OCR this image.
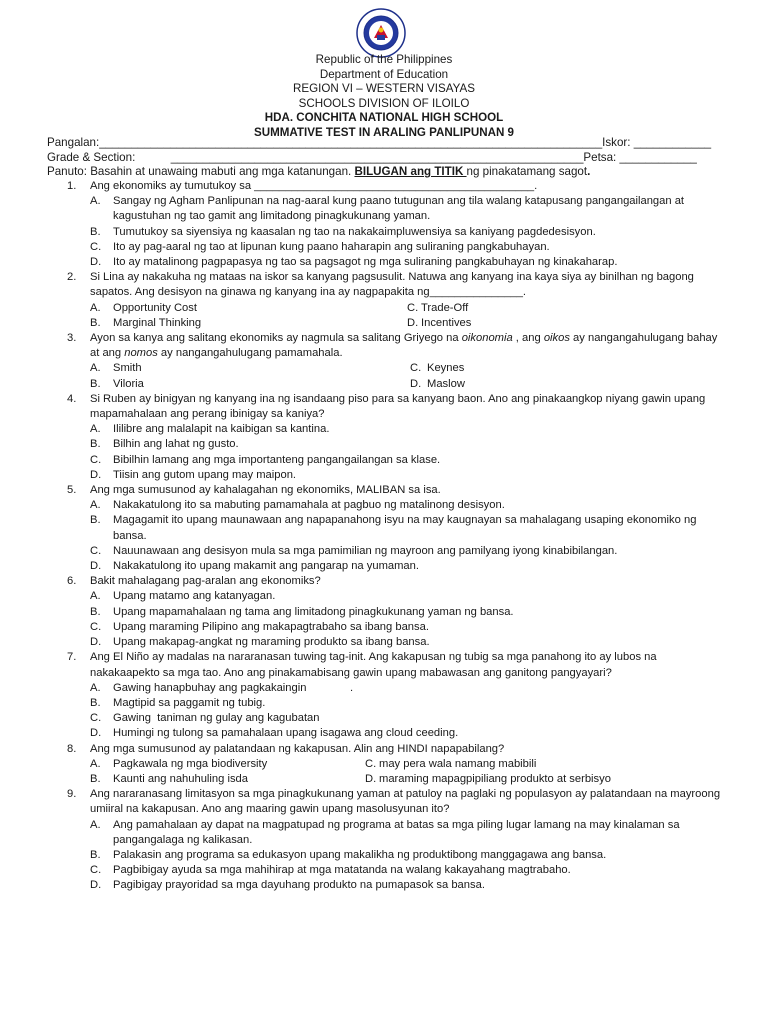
Republic of the Philippines
Department of Education
REGION VI – WESTERN VISAYAS
SCHOOLS DIVISION OF ILOILO
HDA. CONCHITA NATIONAL HIGH SCHOOL
SUMMATIVE TEST IN ARALING PANLIPUNAN 9
Pangalan:______________________________________________________________________________Iskor: ____________
Grade & Section:           ________________________________________________________________Petsa: ____________
Panuto: Basahin at unawaing mabuti ang mga katanungan. BILUGAN ang TITIK ng pinakatamang sagot.
1. Ang ekonomiks ay tumutukoy sa _____________________________________________.
A. Sangay ng Agham Panlipunan na nag-aaral kung paano tutugunan ang tila walang katapusang pangangailangan at kagustuhan ng tao gamit ang limitadong pinagkukunang yaman.
B. Tumutukoy sa siyensiya ng kaasalan ng tao na nakakaimpluwensiya sa kaniyang pagdedesisyon.
C. Ito ay pag-aaral ng tao at lipunan kung paano haharapin ang suliraning pangkabuhayan.
D. Ito ay matalinong pagpapasya ng tao sa pagsagot ng mga suliraning pangkabuhayan ng kinakaharap.
2. Si Lina ay nakakuha ng mataas na iskor sa kanyang pagsusulit. Natuwa ang kanyang ina kaya siya ay binilhan ng bagong sapatos. Ang desisyon na ginawa ng kanyang ina ay nagpapakita ng_______________.
A. Opportunity Cost	C. Trade-Off
B. Marginal Thinking	D. Incentives
3. Ayon sa kanya ang salitang ekonomiks ay nagmula sa salitang Griyego na oikonomia , ang oikos ay nangangahulugang bahay at ang nomos ay nangangahulugang pamamahala.
A. Smith	C. Keynes
B. Viloria	D. Maslow
4. Si Ruben ay binigyan ng kanyang ina ng isandaang piso para sa kanyang baon. Ano ang pinakaangkop niyang gawin upang mapamahalaan ang perang ibinigay sa kaniya?
A. Ililibre ang malalapit na kaibigan sa kantina.
B. Bilhin ang lahat ng gusto.
C. Bibilhin lamang ang mga importanteng pangangailangan sa klase.
D. Tiisin ang gutom upang may maipon.
5. Ang mga sumusunod ay kahalagahan ng ekonomiks, MALIBAN sa isa.
A. Nakakatulong ito sa mabuting pamamahala at pagbuo ng matalinong desisyon.
B. Magagamit ito upang maunawaan ang napapanahong isyu na may kaugnayan sa mahalagang usaping ekonomiko ng bansa.
C. Nauunawaan ang desisyon mula sa mga pamimilian ng mayroon ang pamilyang iyong kinabibilangan.
D. Nakakatulong ito upang makamit ang pangarap na yumaman.
6. Bakit mahalagang pag-aralan ang ekonomiks?
A. Upang matamo ang katanyagan.
B. Upang mapamahalaan ng tama ang limitadong pinagkukunang yaman ng bansa.
C. Upang maraming Pilipino ang makapagtrabaho sa ibang bansa.
D. Upang makapag-angkat ng maraming produkto sa ibang bansa.
7. Ang El Niño ay madalas na nararanasan tuwing tag-init. Ang kakapusan ng tubig sa mga panahong ito ay lubos na nakakaapekto sa mga tao. Ano ang pinakamabisang gawin upang mabawasan ang ganitong pangyayari?
A. Gawing hanapbuhay ang pagkakaingin              .
B. Magtipid sa paggamit ng tubig.
C. Gawing  taniman ng gulay ang kagubatan
D. Humingi ng tulong sa pamahalaan upang isagawa ang cloud ceeding.
8. Ang mga sumusunod ay palatandaan ng kakapusan. Alin ang HINDI napapabilang?
A. Pagkawala ng mga biodiversity	C. may pera wala namang mabibili
B. Kaunti ang nahuhuling isda	D. maraming mapagpipiliang produkto at serbisyo
9. Ang nararanasang limitasyon sa mga pinagkukunang yaman at patuloy na paglaki ng populasyon ay palatandaan na mayroong umiiral na kakapusan. Ano ang maaring gawin upang masolusyunan ito?
A. Ang pamahalaan ay dapat na magpatupad ng programa at batas sa mga piling lugar lamang na may kinalaman sa pangangalaga ng kalikasan.
B. Palakasin ang programa sa edukasyon upang makalikha ng produktibong manggagawa ang bansa.
C. Pagbibigay ayuda sa mga mahihirap at mga matatanda na walang kakayahang magtrabaho.
D. Pagibigay prayoridad sa mga dayuhang produkto na pumapasok sa bansa.
